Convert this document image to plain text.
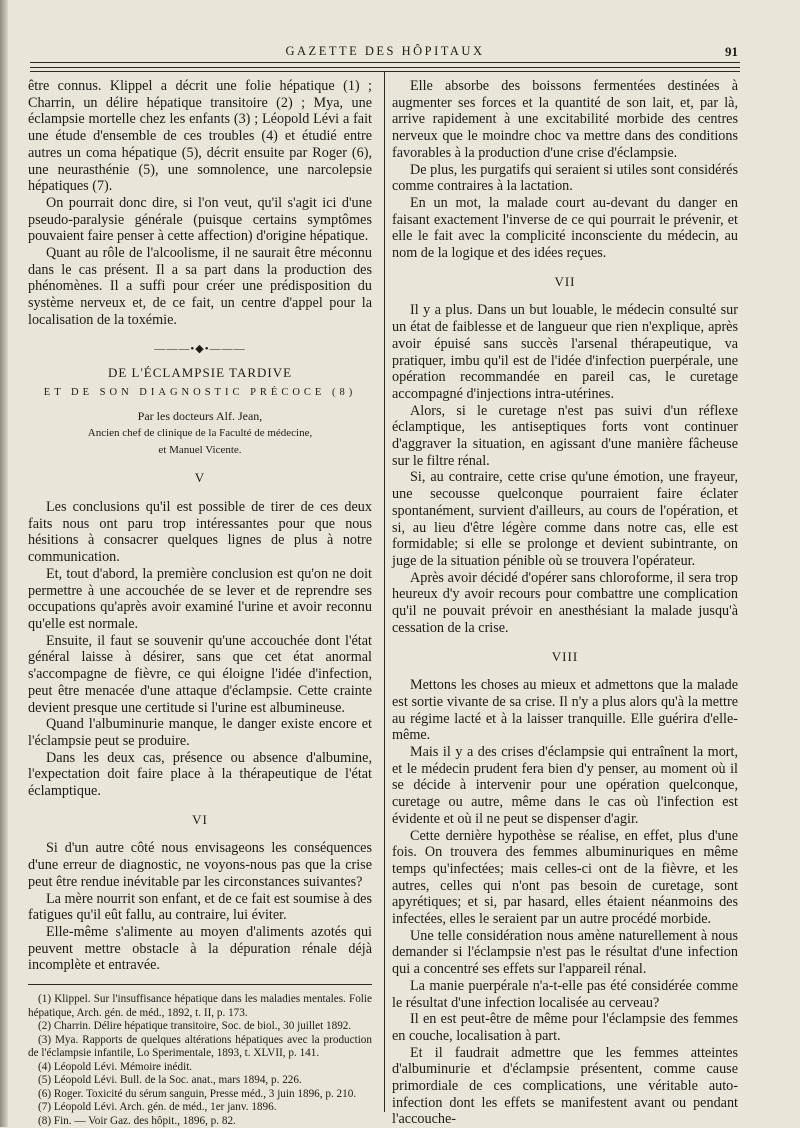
GAZETTE DES HÔPITAUX	91

être connus. Klippel a décrit une folie hépatique (1) ; Charrin, un délire hépatique transitoire (2) ; Mya, une éclampsie mortelle chez les enfants (3) ; Léopold Lévi a fait une étude d'ensemble de ces troubles (4) et étudié entre autres un coma hépatique (5), décrit ensuite par Roger (6), une neurasthénie (5), une somnolence, une narcolepsie hépatiques (7).

On pourrait donc dire, si l'on veut, qu'il s'agit ici d'une pseudo-paralysie générale (puisque certains symptômes pouvaient faire penser à cette affection) d'origine hépatique.

Quant au rôle de l'alcoolisme, il ne saurait être méconnu dans le cas présent. Il a sa part dans la production des phénomènes. Il a suffi pour créer une prédisposition du système nerveux et, de ce fait, un centre d'appel pour la localisation de la toxémie.

———•◆•———
DE L'ÉCLAMPSIE TARDIVE
ET DE SON DIAGNOSTIC PRÉCOCE (8)
Par les docteurs Alf. Jean,
Ancien chef de clinique de la Faculté de médecine,
et Manuel Vicente.
V

Les conclusions qu'il est possible de tirer de ces deux faits nous ont paru trop intéressantes pour que nous hésitions à consacrer quelques lignes de plus à notre communication.

Et, tout d'abord, la première conclusion est qu'on ne doit permettre à une accouchée de se lever et de reprendre ses occupations qu'après avoir examiné l'urine et avoir reconnu qu'elle est normale.

Ensuite, il faut se souvenir qu'une accouchée dont l'état général laisse à désirer, sans que cet état anormal s'accompagne de fièvre, ce qui éloigne l'idée d'infection, peut être menacée d'une attaque d'éclampsie. Cette crainte devient presque une certitude si l'urine est albumineuse.

Quand l'albuminurie manque, le danger existe encore et l'éclampsie peut se produire.

Dans les deux cas, présence ou absence d'albumine, l'expectation doit faire place à la thérapeutique de l'état éclamptique.

VI

Si d'un autre côté nous envisageons les conséquences d'une erreur de diagnostic, ne voyons-nous pas que la crise peut être rendue inévitable par les circonstances suivantes?

La mère nourrit son enfant, et de ce fait est soumise à des fatigues qu'il eût fallu, au contraire, lui éviter.

Elle-même s'alimente au moyen d'aliments azotés qui peuvent mettre obstacle à la dépuration rénale déjà incomplète et entravée.

(1) Klippel. Sur l'insuffisance hépatique dans les maladies mentales. Folie hépatique, Arch. gén. de méd., 1892, t. II, p. 173.

(2) Charrin. Délire hépatique transitoire, Soc. de biol., 30 juillet 1892.

(3) Mya. Rapports de quelques altérations hépatiques avec la production de l'éclampsie infantile, Lo Sperimentale, 1893, t. XLVII, p. 141.

(4) Léopold Lévi. Mémoire inédit.

(5) Léopold Lévi. Bull. de la Soc. anat., mars 1894, p. 226.

(6) Roger. Toxicité du sérum sanguin, Presse méd., 3 juin 1896, p. 210.

(7) Léopold Lévi. Arch. gén. de méd., 1er janv. 1896.

(8) Fin. — Voir Gaz. des hôpit., 1896, p. 82.

Elle absorbe des boissons fermentées destinées à augmenter ses forces et la quantité de son lait, et, par là, arrive rapidement à une excitabilité morbide des centres nerveux que le moindre choc va mettre dans des conditions favorables à la production d'une crise d'éclampsie.

De plus, les purgatifs qui seraient si utiles sont considérés comme contraires à la lactation.

En un mot, la malade court au-devant du danger en faisant exactement l'inverse de ce qui pourrait le prévenir, et elle le fait avec la complicité inconsciente du médecin, au nom de la logique et des idées reçues.

VII

Il y a plus. Dans un but louable, le médecin consulté sur un état de faiblesse et de langueur que rien n'explique, après avoir épuisé sans succès l'arsenal thérapeutique, va pratiquer, imbu qu'il est de l'idée d'infection puerpérale, une opération recommandée en pareil cas, le curetage accompagné d'injections intra-utérines.

Alors, si le curetage n'est pas suivi d'un réflexe éclamptique, les antiseptiques forts vont continuer d'aggraver la situation, en agissant d'une manière fâcheuse sur le filtre rénal.

Si, au contraire, cette crise qu'une émotion, une frayeur, une secousse quelconque pourraient faire éclater spontanément, survient d'ailleurs, au cours de l'opération, et si, au lieu d'être légère comme dans notre cas, elle est formidable; si elle se prolonge et devient subintrante, on juge de la situation pénible où se trouvera l'opérateur.

Après avoir décidé d'opérer sans chloroforme, il sera trop heureux d'y avoir recours pour combattre une complication qu'il ne pouvait prévoir en anesthésiant la malade jusqu'à cessation de la crise.

VIII

Mettons les choses au mieux et admettons que la malade est sortie vivante de sa crise. Il n'y a plus alors qu'à la mettre au régime lacté et à la laisser tranquille. Elle guérira d'elle-même.

Mais il y a des crises d'éclampsie qui entraînent la mort, et le médecin prudent fera bien d'y penser, au moment où il se décide à intervenir pour une opération quelconque, curetage ou autre, même dans le cas où l'infection est évidente et où il ne peut se dispenser d'agir.

Cette dernière hypothèse se réalise, en effet, plus d'une fois. On trouvera des femmes albuminuriques en même temps qu'infectées; mais celles-ci ont de la fièvre, et les autres, celles qui n'ont pas besoin de curetage, sont apyrétiques; et si, par hasard, elles étaient néanmoins des infectées, elles le seraient par un autre procédé morbide.

Une telle considération nous amène naturellement à nous demander si l'éclampsie n'est pas le résultat d'une infection qui a concentré ses effets sur l'appareil rénal.

La manie puerpérale n'a-t-elle pas été considérée comme le résultat d'une infection localisée au cerveau?

Il en est peut-être de même pour l'éclampsie des femmes en couche, localisation à part.

Et il faudrait admettre que les femmes atteintes d'albuminurie et d'éclampsie présentent, comme cause primordiale de ces complications, une véritable auto-infection dont les effets se manifestent avant ou pendant l'accouche-
